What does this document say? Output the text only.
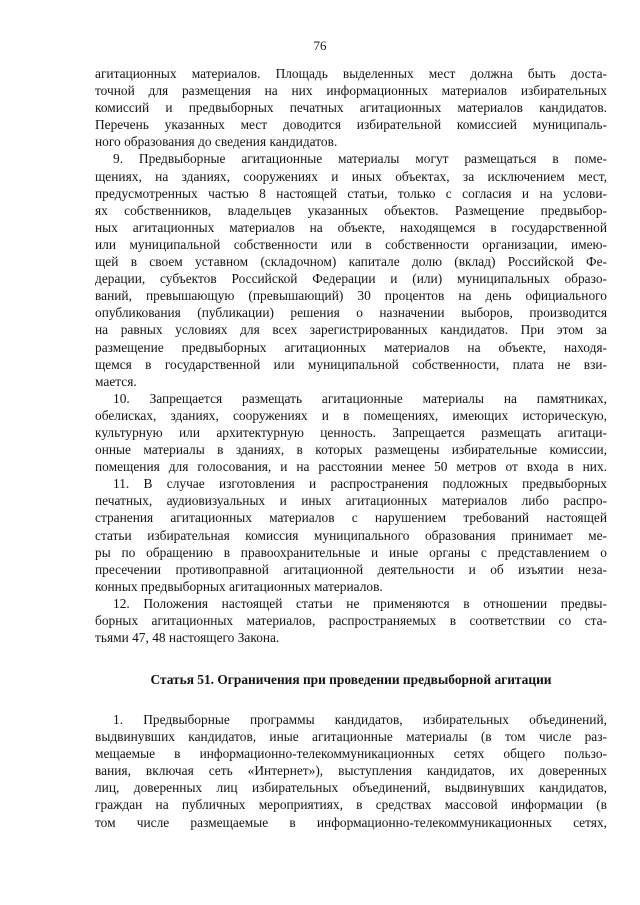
76
агитационных материалов. Площадь выделенных мест должна быть доста-
точной для размещения на них информационных материалов избирательных
комиссий и предвыборных печатных агитационных материалов кандидатов.
Перечень указанных мест доводится избирательной комиссией муниципаль-
ного образования до сведения кандидатов.
9. Предвыборные агитационные материалы могут размещаться в поме-
щениях, на зданиях, сооружениях и иных объектах, за исключением мест,
предусмотренных частью 8 настоящей статьи, только с согласия и на услови-
ях собственников, владельцев указанных объектов. Размещение предвыбор-
ных агитационных материалов на объекте, находящемся в государственной
или муниципальной собственности или в собственности организации, имею-
щей в своем уставном (складочном) капитале долю (вклад) Российской Фе-
дерации, субъектов Российской Федерации и (или) муниципальных образо-
ваний, превышающую (превышающий) 30 процентов на день официального
опубликования (публикации) решения о назначении выборов, производится
на равных условиях для всех зарегистрированных кандидатов. При этом за
размещение предвыборных агитационных материалов на объекте, находя-
щемся в государственной или муниципальной собственности, плата не взи-
мается.
10. Запрещается размещать агитационные материалы на памятниках,
обелисках, зданиях, сооружениях и в помещениях, имеющих историческую,
культурную или архитектурную ценность. Запрещается размещать агитаци-
онные материалы в зданиях, в которых размещены избирательные комиссии,
помещения для голосования, и на расстоянии менее 50 метров от входа в них.
11. В случае изготовления и распространения подложных предвыборных
печатных, аудиовизуальных и иных агитационных материалов либо распро-
странения агитационных материалов с нарушением требований настоящей
статьи избирательная комиссия муниципального образования принимает ме-
ры по обращению в правоохранительные и иные органы с представлением о
пресечении противоправной агитационной деятельности и об изъятии неза-
конных предвыборных агитационных материалов.
12. Положения настоящей статьи не применяются в отношении предвы-
борных агитационных материалов, распространяемых в соответствии со ста-
тьями 47, 48 настоящего Закона.
Статья 51. Ограничения при проведении предвыборной агитации
1. Предвыборные программы кандидатов, избирательных объединений,
выдвинувших кандидатов, иные агитационные материалы (в том числе раз-
мещаемые в информационно-телекоммуникационных сетях общего пользо-
вания, включая сеть «Интернет»), выступления кандидатов, их доверенных
лиц, доверенных лиц избирательных объединений, выдвинувших кандидатов,
граждан на публичных мероприятиях, в средствах массовой информации (в
том числе размещаемые в информационно-телекоммуникационных сетях,
